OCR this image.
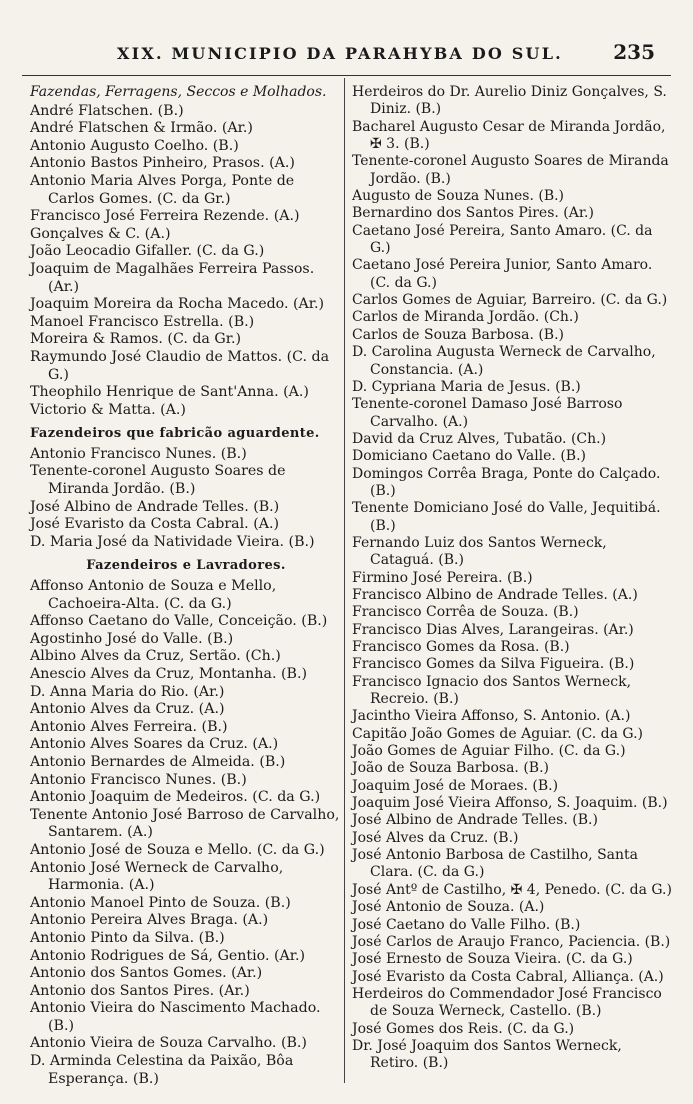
XIX. MUNICIPIO DA PARAHYBA DO SUL.	235

Fazendas, Ferragens, Seccos e Molhados.

André Flatschen. (B.)

André Flatschen & Irmão. (Ar.)

Antonio Augusto Coelho. (B.)

Antonio Bastos Pinheiro, Prasos. (A.)

Antonio Maria Alves Porga, Ponte de Carlos Gomes. (C. da Gr.)

Francisco José Ferreira Rezende. (A.)

Gonçalves & C. (A.)

João Leocadio Gifaller. (C. da G.)

Joaquim de Magalhães Ferreira Passos. (Ar.)

Joaquim Moreira da Rocha Macedo. (Ar.)

Manoel Francisco Estrella. (B.)

Moreira & Ramos. (C. da Gr.)

Raymundo José Claudio de Mattos. (C. da G.)

Theophilo Henrique de Sant'Anna. (A.)

Victorio & Matta. (A.)

Fazendeiros que fabricão aguardente.

Antonio Francisco Nunes. (B.)

Tenente-coronel Augusto Soares de Miranda Jordão. (B.)

José Albino de Andrade Telles. (B.)

José Evaristo da Costa Cabral. (A.)

D. Maria José da Natividade Vieira. (B.)

Fazendeiros e Lavradores.

Affonso Antonio de Souza e Mello, Cachoeira-Alta. (C. da G.)

Affonso Caetano do Valle, Conceição. (B.)

Agostinho José do Valle. (B.)

Albino Alves da Cruz, Sertão. (Ch.)

Anescio Alves da Cruz, Montanha. (B.)

D. Anna Maria do Rio. (Ar.)

Antonio Alves da Cruz. (A.)

Antonio Alves Ferreira. (B.)

Antonio Alves Soares da Cruz. (A.)

Antonio Bernardes de Almeida. (B.)

Antonio Francisco Nunes. (B.)

Antonio Joaquim de Medeiros. (C. da G.)

Tenente Antonio José Barroso de Carvalho, Santarem. (A.)

Antonio José de Souza e Mello. (C. da G.)

Antonio José Werneck de Carvalho, Harmonia. (A.)

Antonio Manoel Pinto de Souza. (B.)

Antonio Pereira Alves Braga. (A.)

Antonio Pinto da Silva. (B.)

Antonio Rodrigues de Sá, Gentio. (Ar.)

Antonio dos Santos Gomes. (Ar.)

Antonio dos Santos Pires. (Ar.)

Antonio Vieira do Nascimento Machado. (B.)

Antonio Vieira de Souza Carvalho. (B.)

D. Arminda Celestina da Paixão, Bôa Esperança. (B.)

Herdeiros do Dr. Aurelio Diniz Gonçalves, S. Diniz. (B.)

Bacharel Augusto Cesar de Miranda Jordão, ✠ 3. (B.)

Tenente-coronel Augusto Soares de Miranda Jordão. (B.)

Augusto de Souza Nunes. (B.)

Bernardino dos Santos Pires. (Ar.)

Caetano José Pereira, Santo Amaro. (C. da G.)

Caetano José Pereira Junior, Santo Amaro. (C. da G.)

Carlos Gomes de Aguiar, Barreiro. (C. da G.)

Carlos de Miranda Jordão. (Ch.)

Carlos de Souza Barbosa. (B.)

D. Carolina Augusta Werneck de Carvalho, Constancia. (A.)

D. Cypriana Maria de Jesus. (B.)

Tenente-coronel Damaso José Barroso Carvalho. (A.)

David da Cruz Alves, Tubatão. (Ch.)

Domiciano Caetano do Valle. (B.)

Domingos Corrêa Braga, Ponte do Calçado. (B.)

Tenente Domiciano José do Valle, Jequitibá. (B.)

Fernando Luiz dos Santos Werneck, Cataguá. (B.)

Firmino José Pereira. (B.)

Francisco Albino de Andrade Telles. (A.)

Francisco Corrêa de Souza. (B.)

Francisco Dias Alves, Larangeiras. (Ar.)

Francisco Gomes da Rosa. (B.)

Francisco Gomes da Silva Figueira. (B.)

Francisco Ignacio dos Santos Werneck, Recreio. (B.)

Jacintho Vieira Affonso, S. Antonio. (A.)

Capitão João Gomes de Aguiar. (C. da G.)

João Gomes de Aguiar Filho. (C. da G.)

João de Souza Barbosa. (B.)

Joaquim José de Moraes. (B.)

Joaquim José Vieira Affonso, S. Joaquim. (B.)

José Albino de Andrade Telles. (B.)

José Alves da Cruz. (B.)

José Antonio Barbosa de Castilho, Santa Clara. (C. da G.)

José Antº de Castilho, ✠ 4, Penedo. (C. da G.)

José Antonio de Souza. (A.)

José Caetano do Valle Filho. (B.)

José Carlos de Araujo Franco, Paciencia. (B.)

José Ernesto de Souza Vieira. (C. da G.)

José Evaristo da Costa Cabral, Alliança. (A.)

Herdeiros do Commendador José Francisco de Souza Werneck, Castello. (B.)

José Gomes dos Reis. (C. da G.)

Dr. José Joaquim dos Santos Werneck, Retiro. (B.)
